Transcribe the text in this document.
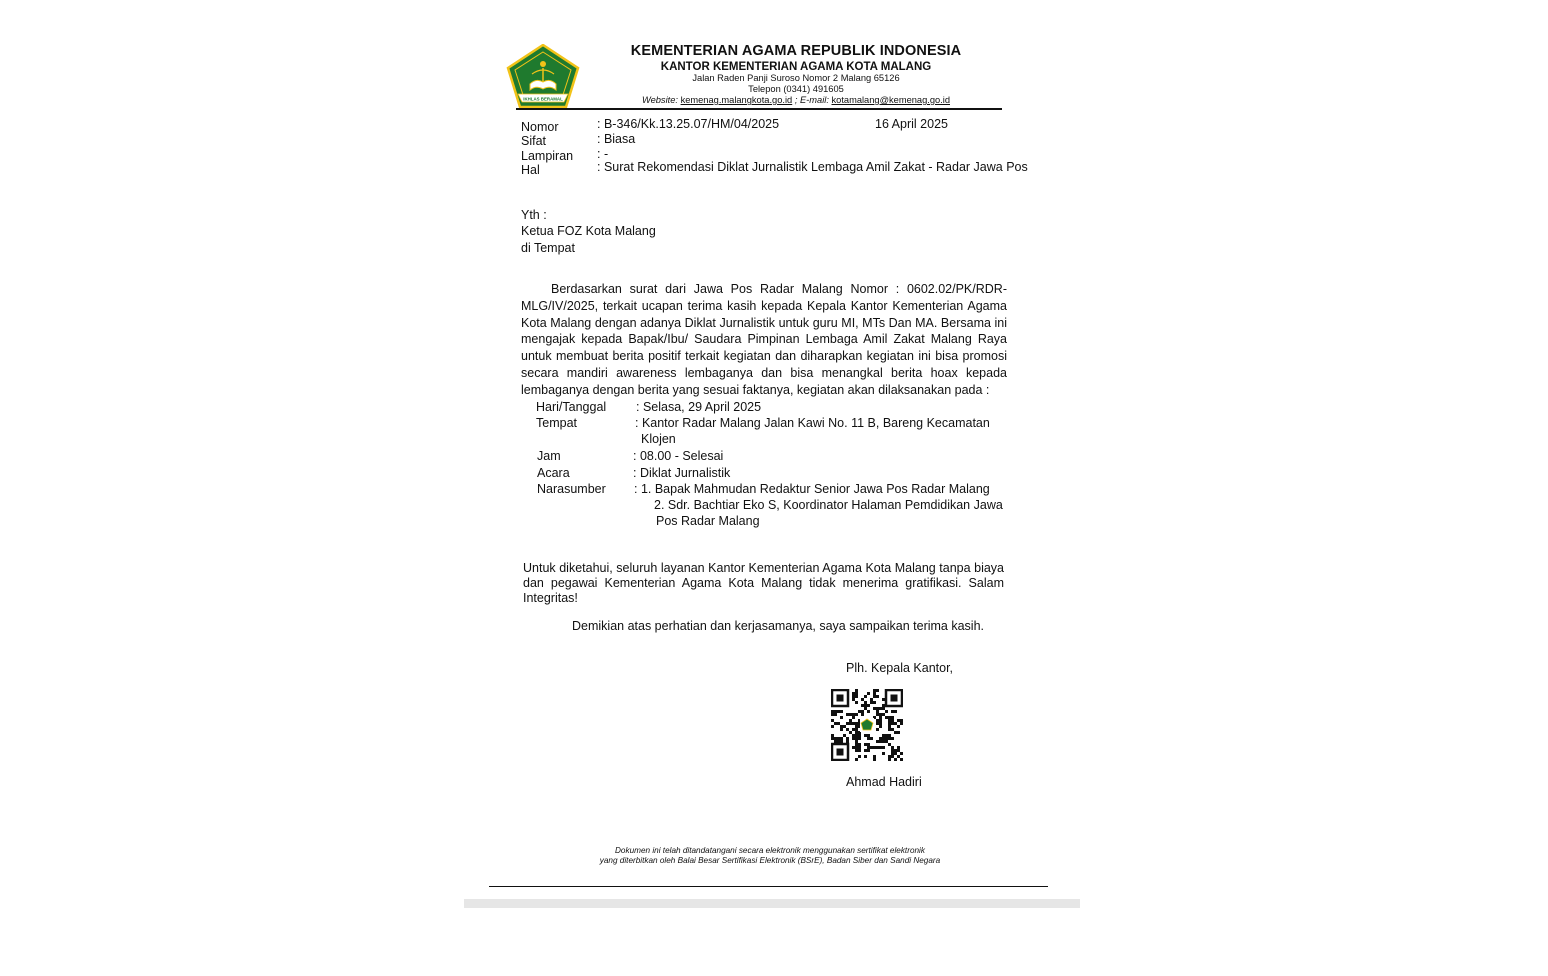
IKHLAS BERAMAL
KEMENTERIAN AGAMA REPUBLIK INDONESIA
KANTOR KEMENTERIAN AGAMA KOTA MALANG
Jalan Raden Panji Suroso Nomor 2 Malang 65126
Telepon (0341) 491605
Website: kemenag.malangkota.go.id ; E-mail: kotamalang@kemenag.go.id
Nomor	: B-346/Kk.13.25.07/HM/04/2025	16 April 2025
Sifat	: Biasa
Lampiran : -
Hal	: Surat Rekomendasi Diklat Jurnalistik Lembaga Amil Zakat - Radar Jawa Pos
Yth :
Ketua FOZ Kota Malang
di Tempat
Berdasarkan surat dari Jawa Pos Radar Malang Nomor : 0602.02/PK/RDR-MLG/IV/2025, terkait ucapan terima kasih kepada Kepala Kantor Kementerian Agama Kota Malang dengan adanya Diklat Jurnalistik untuk guru MI, MTs Dan MA. Bersama ini mengajak kepada Bapak/Ibu/ Saudara Pimpinan Lembaga Amil Zakat Malang Raya untuk membuat berita positif terkait kegiatan dan diharapkan kegiatan ini bisa promosi secara mandiri awareness lembaganya dan bisa menangkal berita hoax kepada lembaganya dengan berita yang sesuai faktanya, kegiatan akan dilaksanakan pada :
Hari/Tanggal : Selasa, 29 April 2025
Tempat	: Kantor Radar Malang Jalan Kawi No. 11 B, Bareng Kecamatan
Klojen
Jam	: 08.00 - Selesai
Acara	: Diklat Jurnalistik
Narasumber : 1. Bapak Mahmudan Redaktur Senior Jawa Pos Radar Malang
2. Sdr. Bachtiar Eko S, Koordinator Halaman Pemdidikan Jawa
Pos Radar Malang
Untuk diketahui, seluruh layanan Kantor Kementerian Agama Kota Malang tanpa biaya dan pegawai Kementerian Agama Kota Malang tidak menerima gratifikasi. Salam Integritas!
Demikian atas perhatian dan kerjasamanya, saya sampaikan terima kasih.
Plh. Kepala Kantor,
Ahmad Hadiri
Dokumen ini telah ditandatangani secara elektronik menggunakan sertifikat elektronik
yang diterbitkan oleh Balai Besar Sertifikasi Elektronik (BSrE), Badan Siber dan Sandi Negara
